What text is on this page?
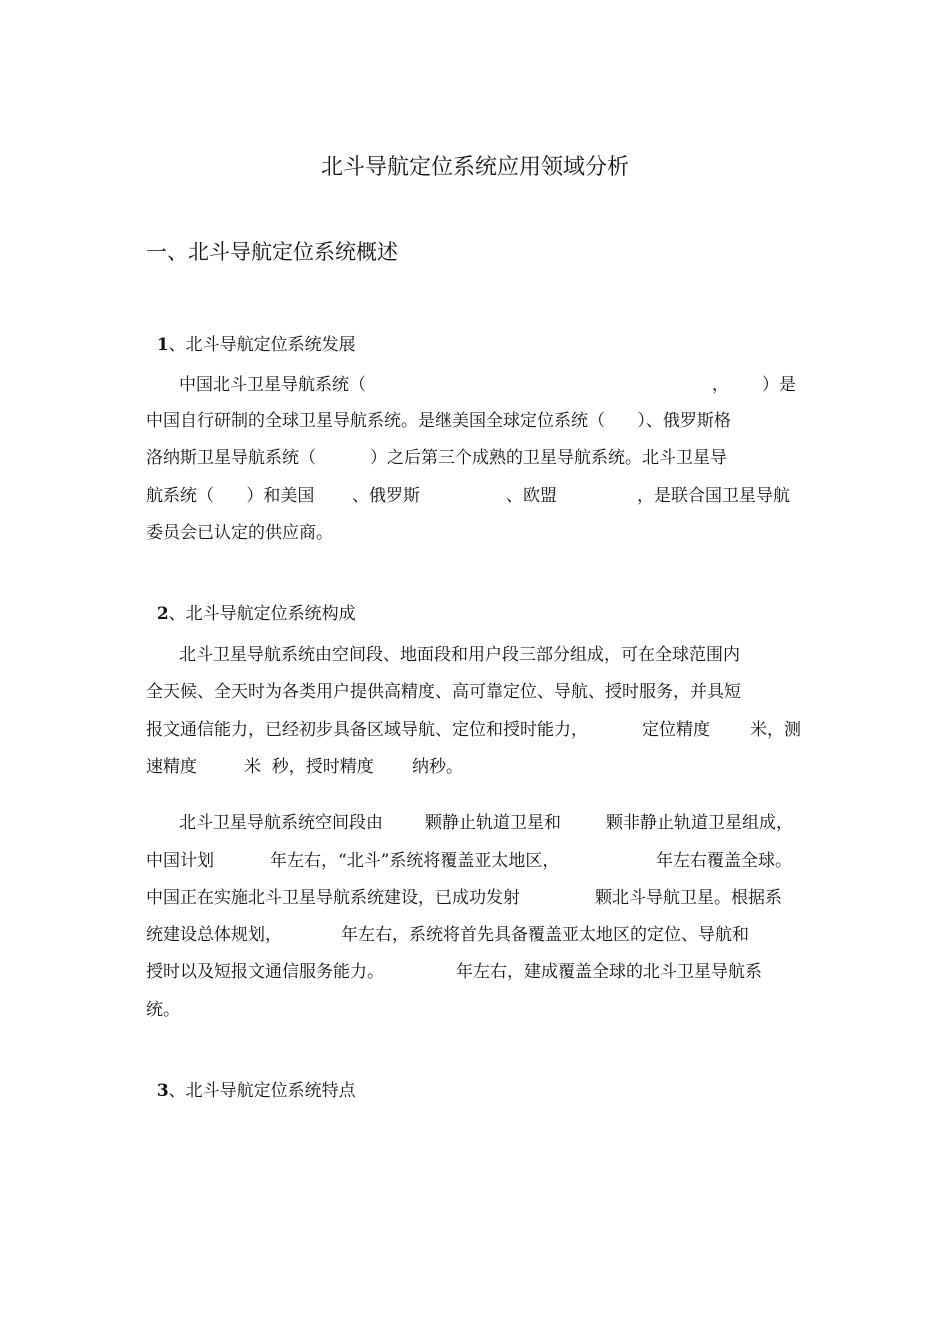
北斗导航定位系统应用领域分析
一、北斗导航定位系统概述

1、北斗导航定位系统发展

中国北斗卫星导航系统（	， ）是
中国自行研制的全球卫星导航系统。是继美国全球定位系统（      ）、俄罗斯格
洛纳斯卫星导航系统（          ）之后第三个成熟的卫星导航系统。北斗卫星导
航系统（      ）和美国 、俄罗斯	、欧盟	，是联合国卫星导航
委员会已认定的供应商。

2、北斗导航定位系统构成

北斗卫星导航系统由空间段、地面段和用户段三部分组成，可在全球范围内
全天候、全天时为各类用户提供高精度、高可靠定位、导航、授时服务，并具短
报文通信能力，已经初步具备区域导航、定位和授时能力，	定位精度 米，测
速精度	米  秒，授时精度 纳秒。
北斗卫星导航系统空间段由 颗静止轨道卫星和	颗非静止轨道卫星组成，
中国计划	年左右，“北斗”系统将覆盖亚太地区，	年左右覆盖全球。
中国正在实施北斗卫星导航系统建设，已成功发射	颗北斗导航卫星。根据系
统建设总体规划，	年左右，系统将首先具备覆盖亚太地区的定位、导航和
授时以及短报文通信服务能力。	年左右，建成覆盖全球的北斗卫星导航系
统。

3、北斗导航定位系统特点
